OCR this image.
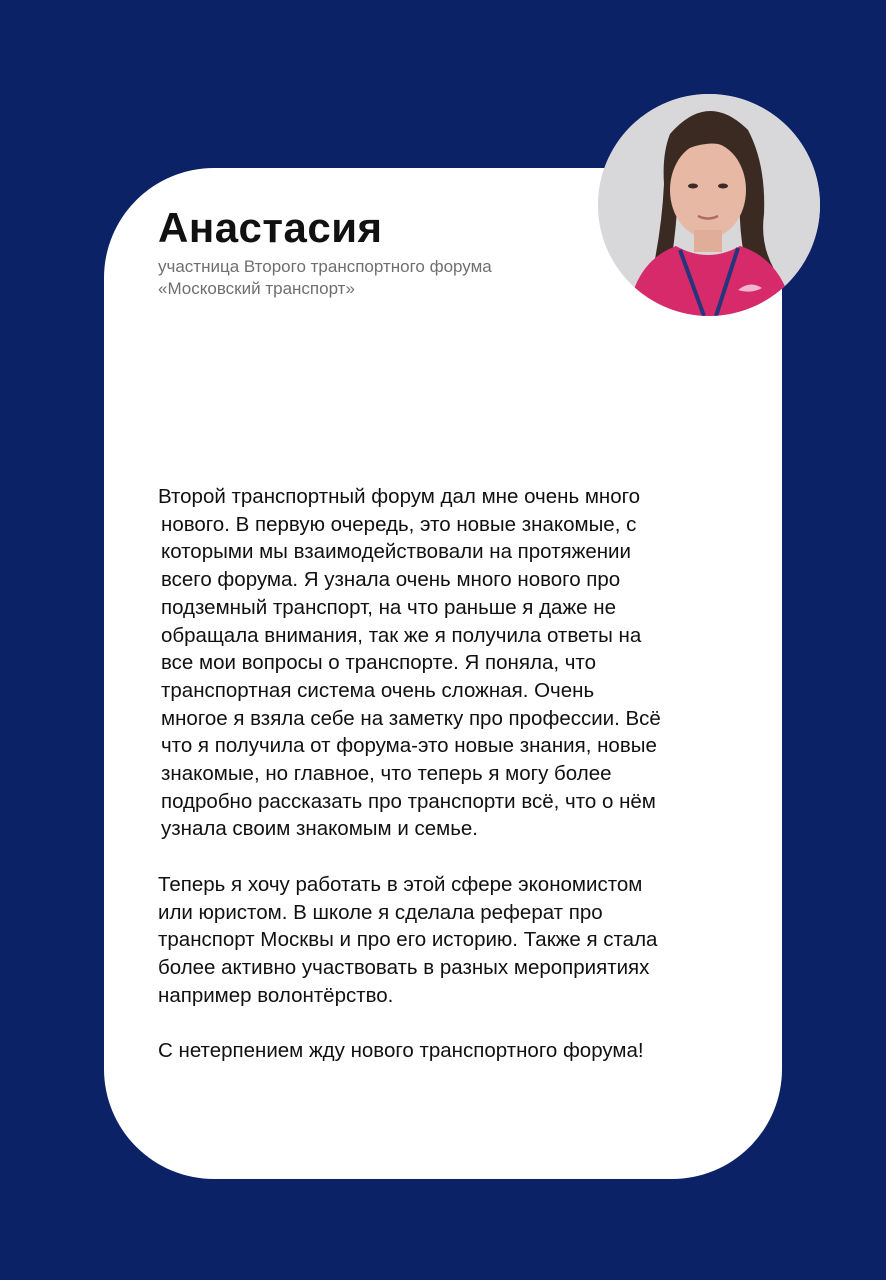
Анастасия
участница Второго транспортного форума
«Московский транспорт»

Второй транспортный форум дал мне очень много
нового. В первую очередь, это новые знакомые, с
которыми мы взаимодействовали на протяжении
всего форума. Я узнала очень много нового про
подземный транспорт, на что раньше я даже не
обращала внимания, так же я получила ответы на
все мои вопросы о транспорте. Я поняла, что
транспортная система очень сложная. Очень
многое я взяла себе на заметку про профессии. Всё
что я получила от форума-это новые знания, новые
знакомые, но главное, что теперь я могу более
подробно рассказать про транспорти всё, что о нём
узнала своим знакомым и семье.

Теперь я хочу работать в этой сфере экономистом
или юристом. В школе я сделала реферат про
транспорт Москвы и про его историю. Также я стала
более активно участвовать в разных мероприятиях
например волонтёрство.

С нетерпением жду нового транспортного форума!
